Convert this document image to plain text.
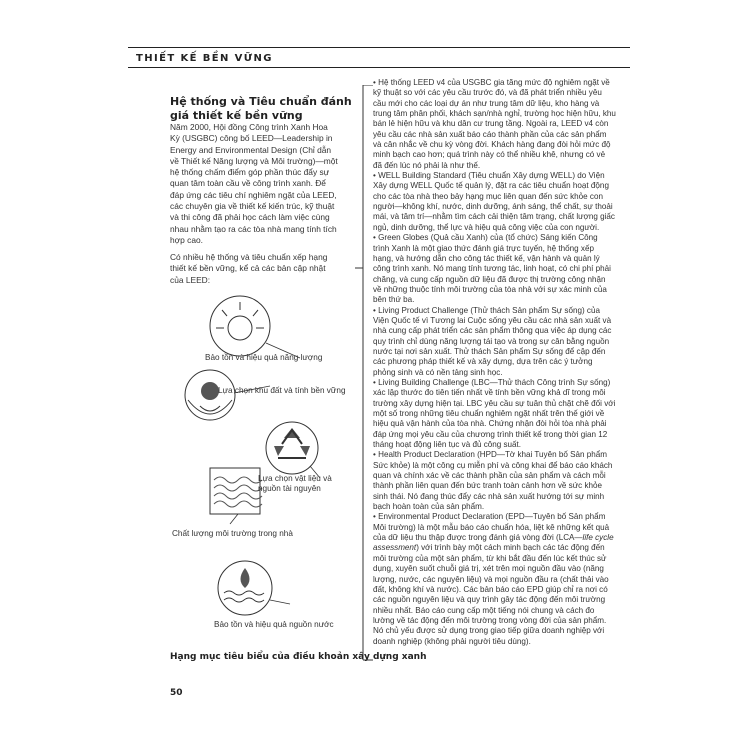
THIẾT KẾ BỀN VỮNG
Hệ thống và Tiêu chuẩn đánh giá thiết kế bền vững
Năm 2000, Hội đồng Công trình Xanh Hoa Kỳ (USGBC) công bố LEED—Leadership in Energy and Environmental Design (Chỉ dẫn về Thiết kế Năng lượng và Môi trường)—một hệ thống chấm điểm góp phần thúc đẩy sự quan tâm toàn cầu về công trình xanh. Để đáp ứng các tiêu chí nghiêm ngặt của LEED, các chuyên gia về thiết kế kiến trúc, kỹ thuật và thi công đã phải học cách làm việc cùng nhau nhằm tạo ra các tòa nhà mang tính tích hợp cao.
Có nhiều hệ thống và tiêu chuẩn xếp hạng thiết kế bền vững, kể cả các bản cập nhật của LEED:

• Hệ thống LEED v4 của USGBC gia tăng mức độ nghiêm ngặt về kỹ thuật so với các yêu cầu trước đó, và đã phát triển nhiều yêu cầu mới cho các loại dự án như trung tâm dữ liệu, kho hàng và trung tâm phân phối, khách sạn/nhà nghỉ, trường học hiện hữu, khu bán lẻ hiện hữu và khu dân cư trung tầng. Ngoài ra, LEED v4 còn yêu cầu các nhà sản xuất báo cáo thành phần của các sản phẩm và cân nhắc về chu kỳ vòng đời. Khách hàng đang đòi hỏi mức độ minh bạch cao hơn; quá trình này có thể nhiều khê, nhưng có vẻ đã đến lúc nó phải là như thế.

• WELL Building Standard (Tiêu chuẩn Xây dựng WELL) do Viện Xây dựng WELL Quốc tế quản lý, đặt ra các tiêu chuẩn hoạt động cho các tòa nhà theo bảy hạng mục liên quan đến sức khỏe con người—không khí, nước, dinh dưỡng, ánh sáng, thể chất, sự thoải mái, và tâm trí—nhằm tìm cách cải thiện tâm trạng, chất lượng giấc ngủ, dinh dưỡng, thể lực và hiệu quả công việc của con người.

• Green Globes (Quả cầu Xanh) của (tổ chức) Sáng kiến Công trình Xanh là một giao thức đánh giá trực tuyến, hệ thống xếp hạng, và hướng dẫn cho công tác thiết kế, vận hành và quản lý công trình xanh. Nó mang tính tương tác, linh hoạt, có chi phí phải chăng, và cung cấp nguồn dữ liệu đã được thị trường công nhận về những thuộc tính môi trường của tòa nhà với sự xác minh của bên thứ ba.

• Living Product Challenge (Thử thách Sản phẩm Sự sống) của Viện Quốc tế vì Tương lai Cuộc sống yêu cầu các nhà sản xuất và nhà cung cấp phát triển các sản phẩm thông qua việc áp dụng các quy trình chỉ dùng năng lượng tái tạo và trong sự cân bằng nguồn nước tại nơi sản xuất. Thử thách Sản phẩm Sự sống để cập đến các phương pháp thiết kế và xây dựng, dựa trên các ý tưởng phỏng sinh và có nền tảng sinh học.

• Living Building Challenge (LBC—Thử thách Công trình Sự sống) xác lập thước đo tiên tiến nhất về tính bền vững khả dĩ trong môi trường xây dựng hiện tại. LBC yêu cầu sự tuân thủ chặt chẽ đối với một số trong những tiêu chuẩn nghiêm ngặt nhất trên thế giới về hiệu quả vận hành của tòa nhà. Chứng nhận đòi hỏi tòa nhà phải đáp ứng mọi yêu cầu của chương trình thiết kế trong thời gian 12 tháng hoạt động liên tục và đủ công suất.

• Health Product Declaration (HPD—Tờ khai Tuyên bố Sản phẩm Sức khỏe) là một công cụ miễn phí và công khai để báo cáo khách quan và chính xác về các thành phần của sản phẩm và cách mỗi thành phần liên quan đến bức tranh toàn cảnh hơn về sức khỏe sinh thái. Nó đang thúc đẩy các nhà sản xuất hướng tới sự minh bạch hoàn toàn của sản phẩm.

• Environmental Product Declaration (EPD—Tuyên bố Sản phẩm Môi trường) là một mẫu báo cáo chuẩn hóa, liệt kê những kết quả của dữ liệu thu thập được trong đánh giá vòng đời (LCA—life cycle assessment) với trình bày một cách minh bạch các tác động đến môi trường của một sản phẩm, từ khi bắt đầu đến lúc kết thúc sử dụng, xuyên suốt chuỗi giá trị, xét trên mọi nguồn đầu vào (năng lượng, nước, các nguyên liệu) và mọi nguồn đầu ra (chất thải vào đất, không khí và nước). Các bản báo cáo EPD giúp chỉ ra nơi có các nguồn nguyên liệu và quy trình gây tác động đến môi trường nhiều nhất. Báo cáo cung cấp một tiếng nói chung và cách đo lường về tác động đến môi trường trong vòng đời của sản phẩm. Nó chủ yếu được sử dụng trong giao tiếp giữa doanh nghiệp với doanh nghiệp (không phải người tiêu dùng).

Bảo tồn và hiệu quả năng lượng
Lựa chọn khu đất và tính bền vững
Lựa chọn vật liệu và nguồn tài nguyên
Chất lượng môi trường trong nhà
Bảo tồn và hiệu quả nguồn nước
Hạng mục tiêu biểu của điều khoản xây dựng xanh
50
